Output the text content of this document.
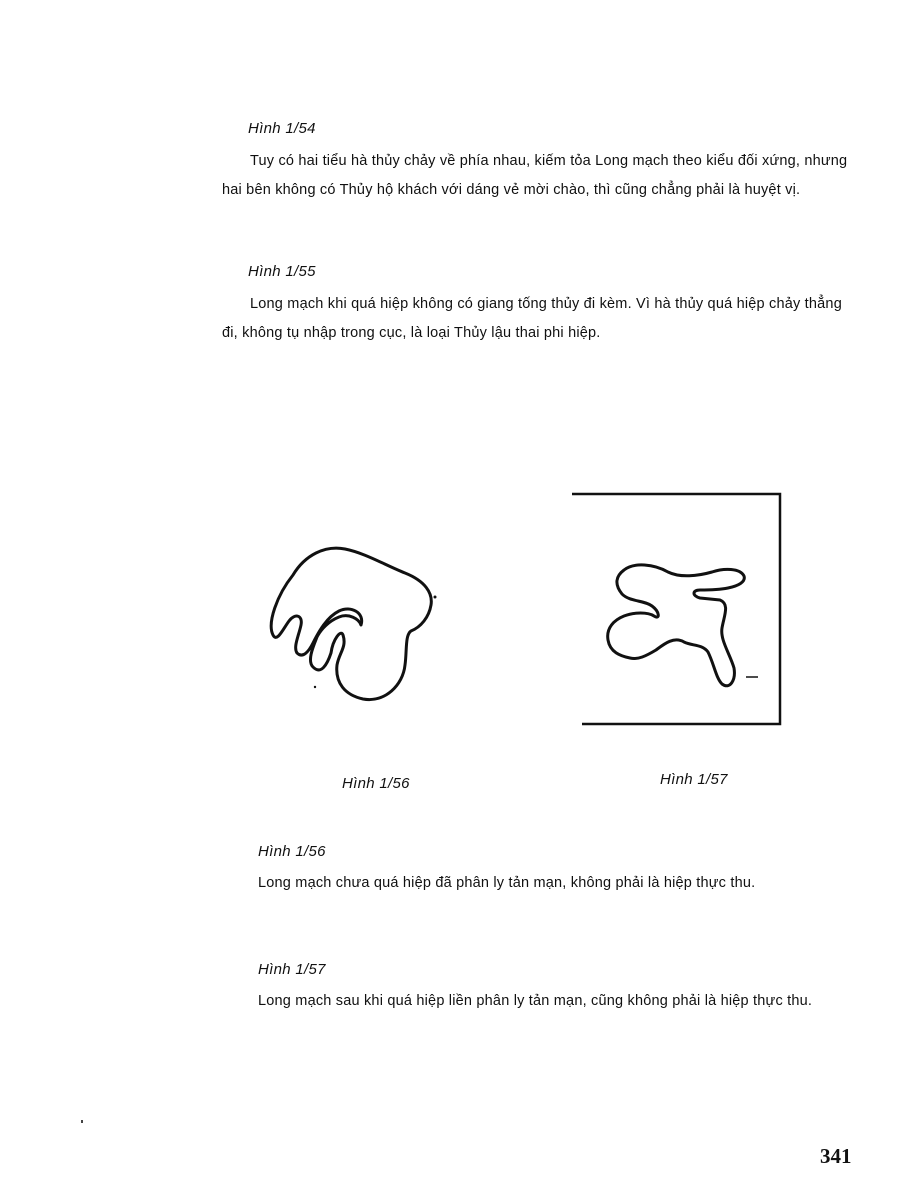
Hình 1/54

Tuy có hai tiểu hà thủy chảy về phía nhau, kiếm tỏa Long mạch theo kiểu đối xứng, nhưng hai bên không có Thủy hộ khách với dáng vẻ mời chào, thì cũng chẳng phải là huyệt vị.

Hình 1/55

Long mạch khi quá hiệp không có giang tống thủy đi kèm. Vì hà thủy quá hiệp chảy thẳng đi, không tụ nhập trong cục, là loại Thủy lậu thai phi hiệp.

Hình 1/56	Hình 1/57
Hình 1/56

Long mạch chưa quá hiệp đã phân ly tản mạn, không phải là hiệp thực thu.

Hình 1/57

Long mạch sau khi quá hiệp liền phân ly tản mạn, cũng không phải là hiệp thực thu.

341
